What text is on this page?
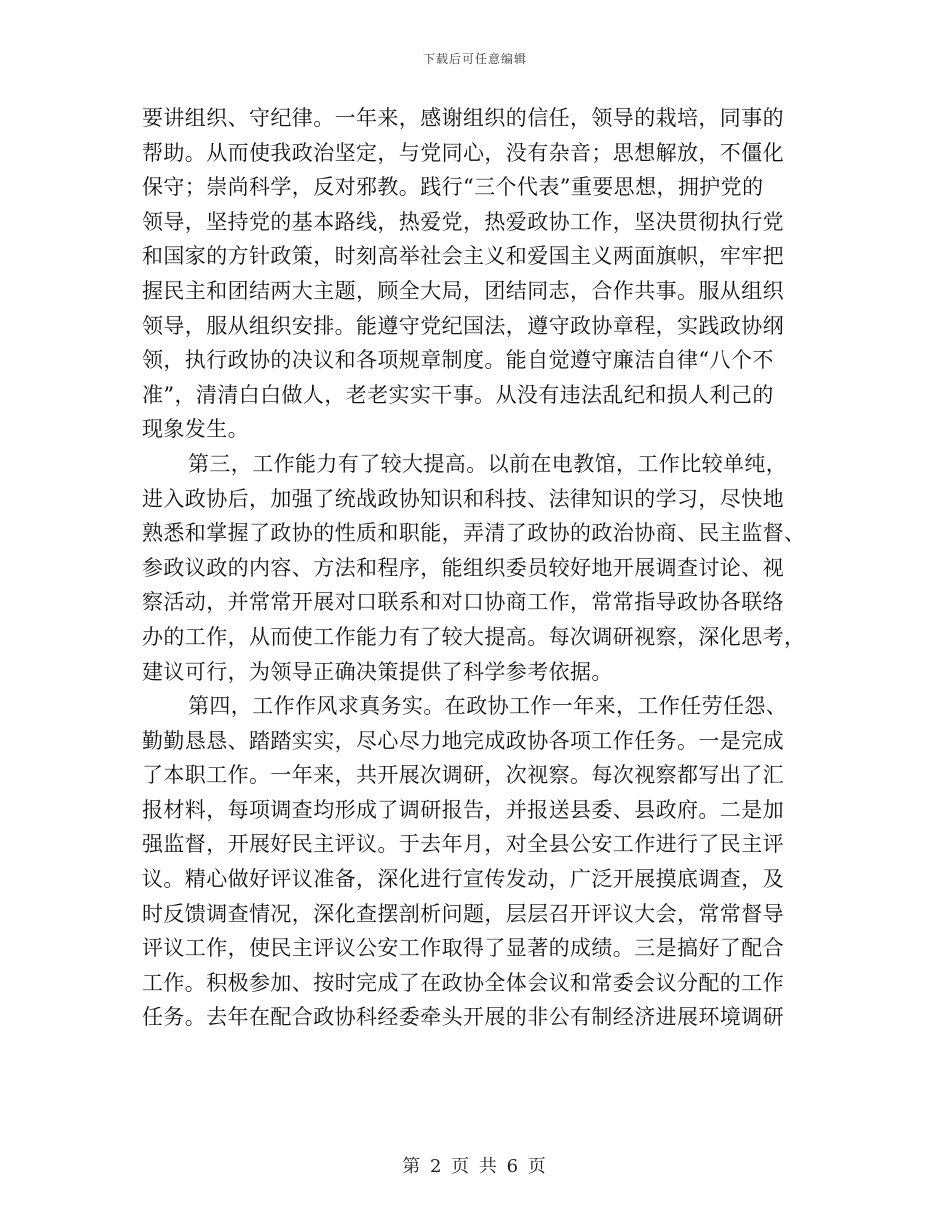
下载后可任意编辑
要讲组织、守纪律。一年来，感谢组织的信任，领导的栽培，同事的
帮助。从而使我政治坚定，与党同心，没有杂音；思想解放，不僵化
保守；崇尚科学，反对邪教。践行“三个代表”重要思想，拥护党的
领导，坚持党的基本路线，热爱党，热爱政协工作，坚决贯彻执行党
和国家的方针政策，时刻高举社会主义和爱国主义两面旗帜，牢牢把
握民主和团结两大主题，顾全大局，团结同志，合作共事。服从组织
领导，服从组织安排。能遵守党纪国法，遵守政协章程，实践政协纲
领，执行政协的决议和各项规章制度。能自觉遵守廉洁自律“八个不
准”，清清白白做人，老老实实干事。从没有违法乱纪和损人利己的
现象发生。
第三，工作能力有了较大提高。以前在电教馆，工作比较单纯，
进入政协后，加强了统战政协知识和科技、法律知识的学习，尽快地
熟悉和掌握了政协的性质和职能，弄清了政协的政治协商、民主监督、
参政议政的内容、方法和程序，能组织委员较好地开展调查讨论、视
察活动，并常常开展对口联系和对口协商工作，常常指导政协各联络
办的工作，从而使工作能力有了较大提高。每次调研视察，深化思考，
建议可行，为领导正确决策提供了科学参考依据。
第四，工作作风求真务实。在政协工作一年来，工作任劳任怨、
勤勤恳恳、踏踏实实，尽心尽力地完成政协各项工作任务。一是完成
了本职工作。一年来，共开展次调研，次视察。每次视察都写出了汇
报材料，每项调查均形成了调研报告，并报送县委、县政府。二是加
强监督，开展好民主评议。于去年月，对全县公安工作进行了民主评
议。精心做好评议准备，深化进行宣传发动，广泛开展摸底调查，及
时反馈调查情况，深化查摆剖析问题，层层召开评议大会，常常督导
评议工作，使民主评议公安工作取得了显著的成绩。三是搞好了配合
工作。积极参加、按时完成了在政协全体会议和常委会议分配的工作
任务。去年在配合政协科经委牵头开展的非公有制经济进展环境调研
第 2 页 共 6 页
